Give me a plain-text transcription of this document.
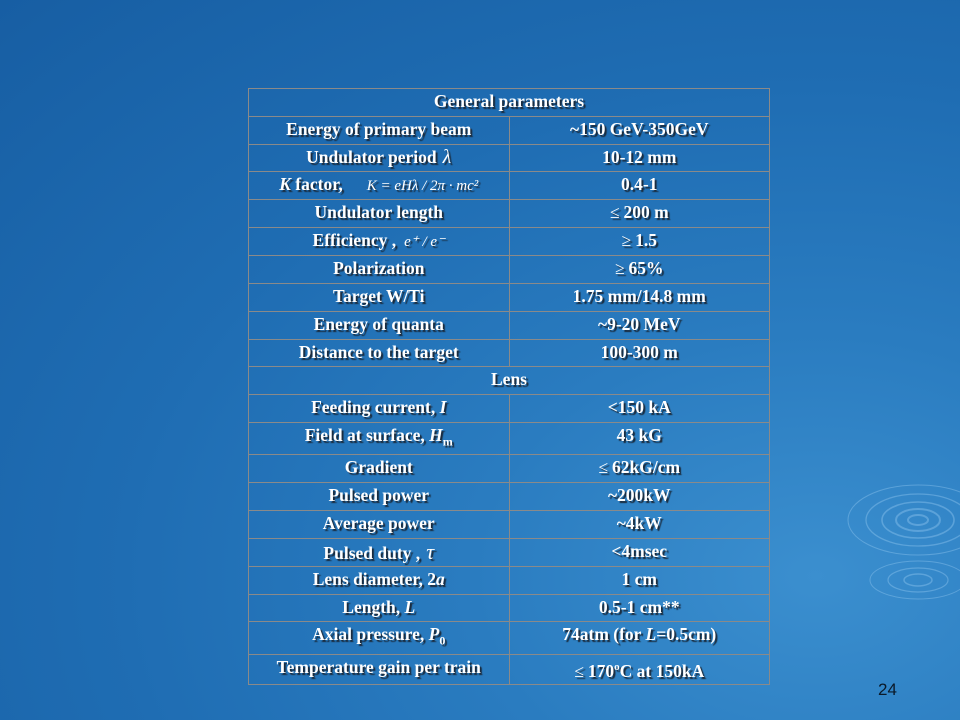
General parameters	
Energy of primary beam	~150 GeV-350GeV
Undulator period λ	10-12 mm
K factor, K = eHλ / 2π · mc²	0.4-1
Undulator length	≤ 200 m
Efficiency , e⁺ / e⁻	≥ 1.5
Polarization	≥ 65%
Target W/Ti	1.75 mm/14.8 mm
Energy of quanta	~9-20 MeV
Distance to the target	100-300 m
Lens	
Feeding current, I	<150 kA
Field at surface, $H_m$	43 kG
Gradient	≤ 62kG/cm
Pulsed power	~200kW
Average power	~4kW
Pulsed duty , τ	<4msec
Lens diameter, 2a	1 cm
Length, L	0.5-1 cm**
Axial pressure, $P_0$	74atm (for L=0.5cm)
Temperature gain per train	≤ $170^oC$ at 150kA
24
